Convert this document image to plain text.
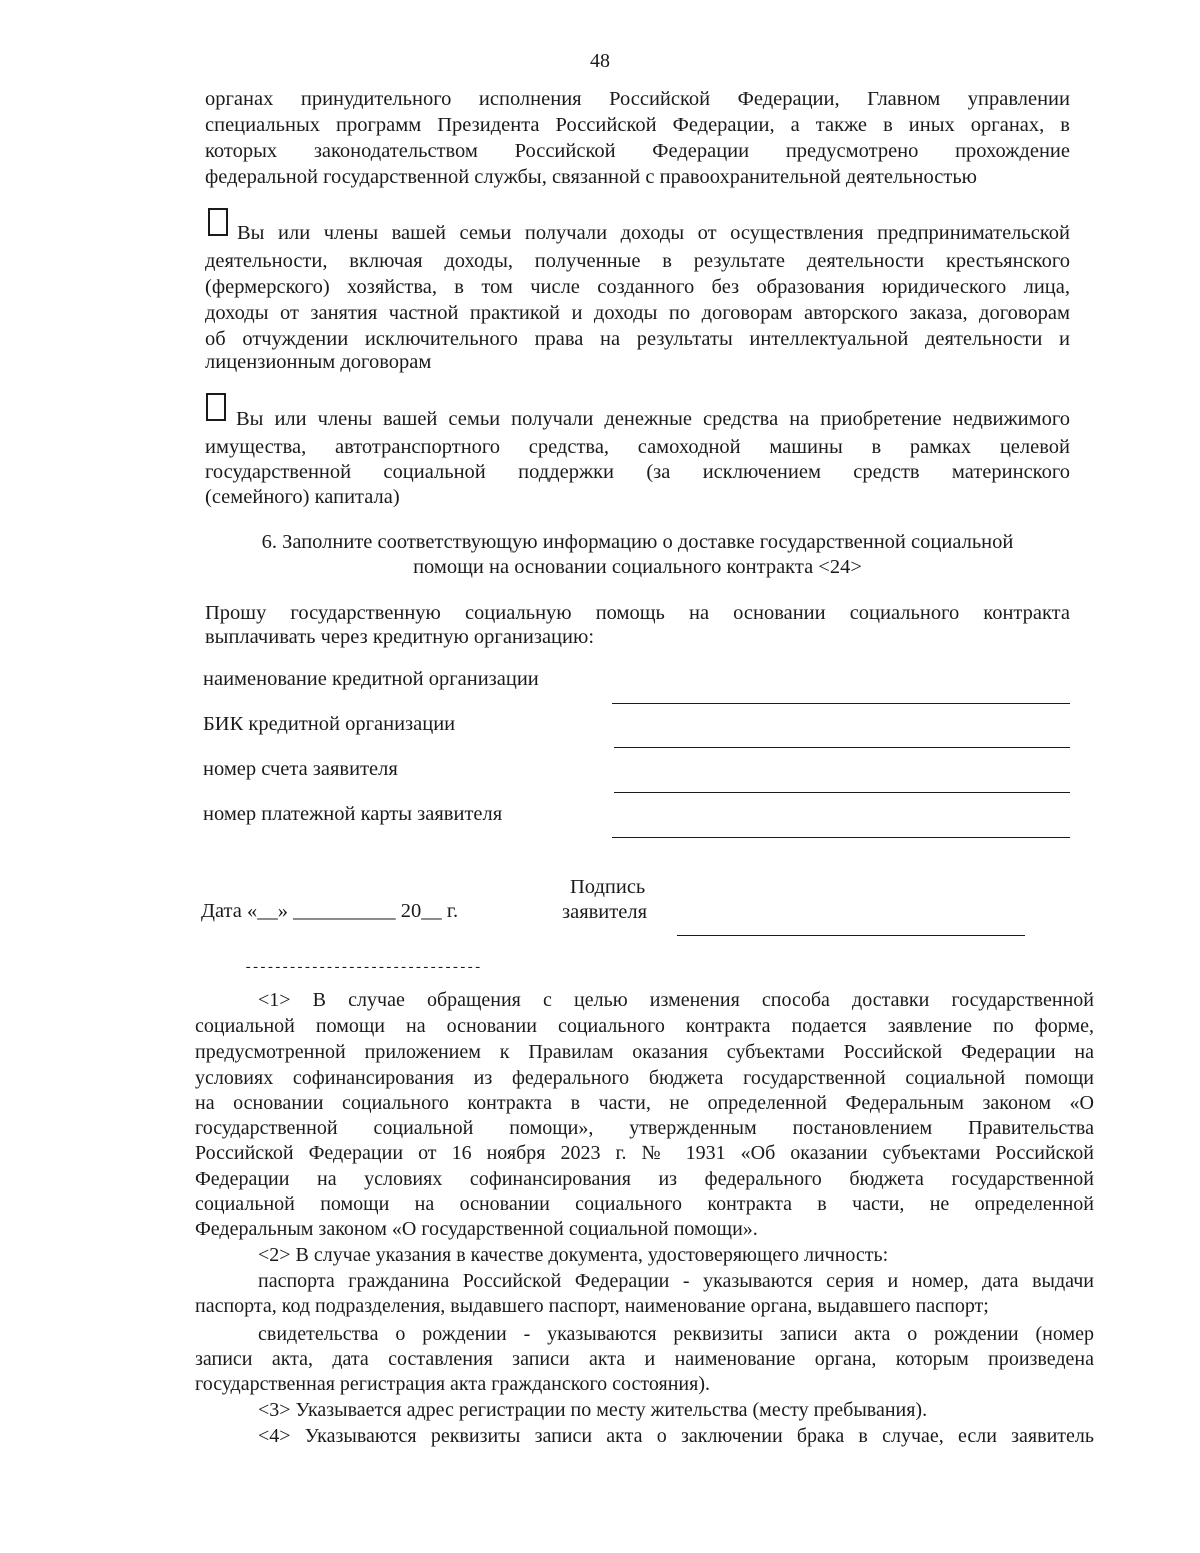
48
органах принудительного исполнения Российской Федерации, Главном управлении
специальных программ Президента Российской Федерации, а также в иных органах, в
которых законодательством Российской Федерации предусмотрено прохождение
федеральной государственной службы, связанной с правоохранительной деятельностью
Вы или члены вашей семьи получали доходы от осуществления предпринимательской
деятельности, включая доходы, полученные в результате деятельности крестьянского
(фермерского) хозяйства, в том числе созданного без образования юридического лица,
доходы от занятия частной практикой и доходы по договорам авторского заказа, договорам
об отчуждении исключительного права на результаты интеллектуальной деятельности и
лицензионным договорам
Вы или члены вашей семьи получали денежные средства на приобретение недвижимого
имущества, автотранспортного средства, самоходной машины в рамках целевой
государственной социальной поддержки (за исключением средств материнского
(семейного) капитала)
6. Заполните соответствующую информацию о доставке государственной социальной
помощи на основании социального контракта <24>
Прошу государственную социальную помощь на основании социального контракта
выплачивать через кредитную организацию:
наименование кредитной организации
БИК кредитной организации
номер счета заявителя
номер платежной карты заявителя
Дата «__» __________ 20__ г.
Подпись
заявителя
--------------------------------
<1> В случае обращения с целью изменения способа доставки государственной
социальной помощи на основании социального контракта подается заявление по форме,
предусмотренной приложением к Правилам оказания субъектами Российской Федерации на
условиях софинансирования из федерального бюджета государственной социальной помощи
на основании социального контракта в части, не определенной Федеральным законом «О
государственной социальной помощи», утвержденным постановлением Правительства
Российской Федерации от 16 ноября 2023 г. № 1931 «Об оказании субъектами Российской
Федерации на условиях софинансирования из федерального бюджета государственной
социальной помощи на основании социального контракта в части, не определенной
Федеральным законом «О государственной социальной помощи».
<2> В случае указания в качестве документа, удостоверяющего личность:
паспорта гражданина Российской Федерации - указываются серия и номер, дата выдачи
паспорта, код подразделения, выдавшего паспорт, наименование органа, выдавшего паспорт;
свидетельства о рождении - указываются реквизиты записи акта о рождении (номер
записи акта, дата составления записи акта и наименование органа, которым произведена
государственная регистрация акта гражданского состояния).
<3> Указывается адрес регистрации по месту жительства (месту пребывания).
<4> Указываются реквизиты записи акта о заключении брака в случае, если заявитель
